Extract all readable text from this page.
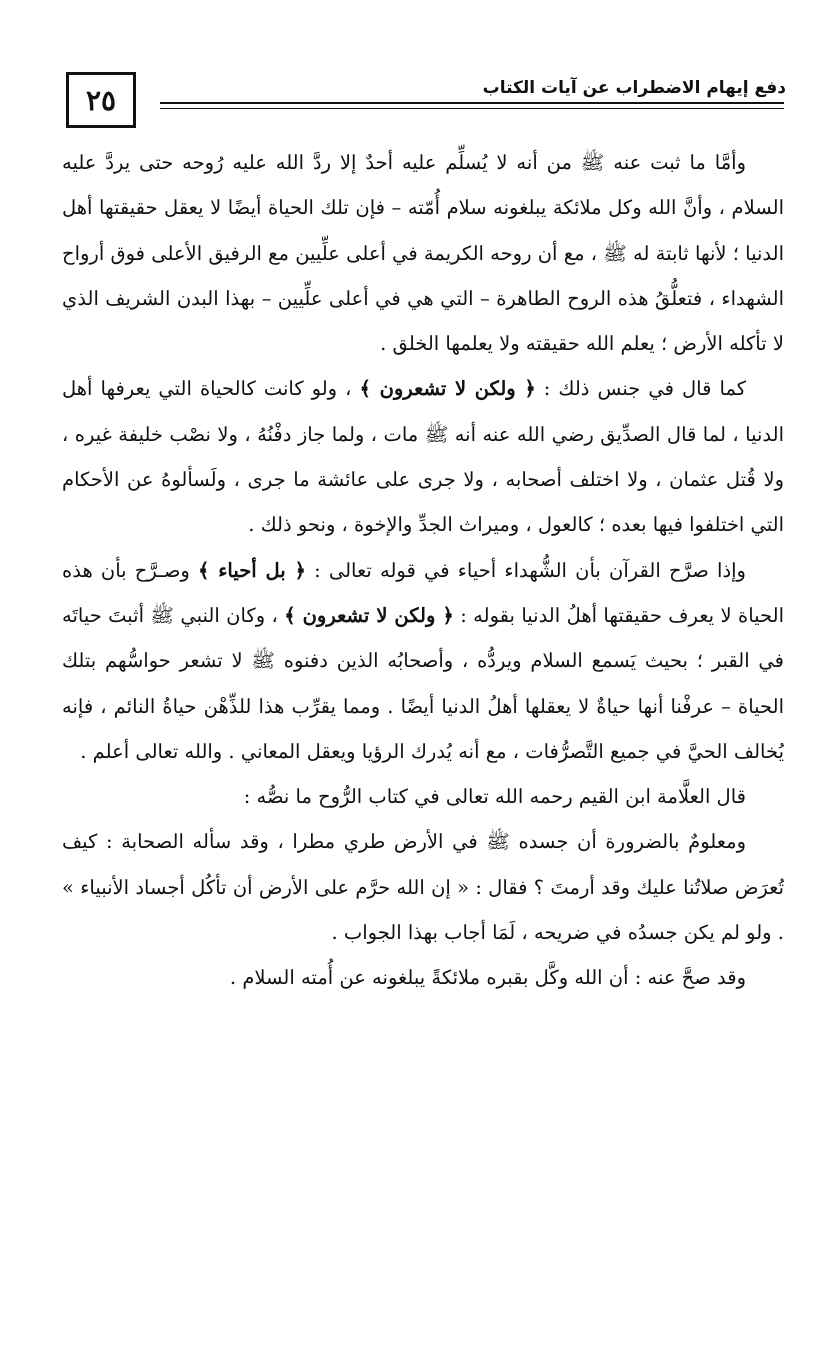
٢٥	دفع إيهام الاضطراب عن آيات الكتاب

وأمَّا ما ثبت عنه ﷺ من أنه لا يُسلِّم عليه أحدٌ إلا ردَّ الله عليه رُوحه حتى يردَّ عليه السلام ، وأنَّ الله وكل ملائكة يبلغونه سلام أُمّته – فإن تلك الحياة أيضًا لا يعقل حقيقتها أهل الدنيا ؛ لأنها ثابتة له ﷺ ، مع أن روحه الكريمة في أعلى علِّيين مع الرفيق الأعلى فوق أرواح الشهداء ، فتعلُّقُ هذه الروح الطاهرة – التي هي في أعلى علِّيين – بهذا البدن الشريف الذي لا تأكله الأرض ؛ يعلم الله حقيقته ولا يعلمها الخلق .

كما قال في جنس ذلك : ﴿ ولكن لا تشعرون ﴾ ، ولو كانت كالحياة التي يعرفها أهل الدنيا ، لما قال الصدِّيق رضي الله عنه أنه ﷺ مات ، ولما جاز دفْنُهُ ، ولا نصْب خليفة غيره ، ولا قُتل عثمان ، ولا اختلف أصحابه ، ولا جرى على عائشة ما جرى ، ولَسألوهُ عن الأحكام التي اختلفوا فيها بعده ؛ كالعول ، وميراث الجدِّ والإخوة ، ونحو ذلك .

وإذا صرَّح القرآن بأن الشُّهداء أحياء في قوله تعالى : ﴿ بل أحياء ﴾ وصـرَّح بأن هذه الحياة لا يعرف حقيقتها أهلُ الدنيا بقوله : ﴿ ولكن لا تشعرون ﴾ ، وكان النبي ﷺ أثبتَ حياتَه في القبر ؛ بحيث يَسمع السلام ويردُّه ، وأصحابُه الذين دفنوه ﷺ لا تشعر حواسُّهم بتلك الحياة – عرفْنا أنها حياةٌ لا يعقلها أهلُ الدنيا أيضًا . ومما يقرِّب هذا للذِّهْن حياةُ النائم ، فإنه يُخالف الحيَّ في جميع التَّصرُّفات ، مع أنه يُدرك الرؤيا ويعقل المعاني . والله تعالى أعلم .

قال العلَّامة ابن القيم رحمه الله تعالى في كتاب الرُّوح ما نصُّه :

ومعلومٌ بالضرورة أن جسده ﷺ في الأرض طري مطرا ، وقد سأله الصحابة : كيف تُعرَض صلاتُنا عليك وقد أرمتَ ؟ فقال : « إن الله حرَّم على الأرض أن تأكُل أجساد الأنبياء » . ولو لم يكن جسدُه في ضريحه ، لَمَا أجاب بهذا الجواب .

وقد صحَّ عنه : أن الله وكَّل بقبره ملائكةً يبلغونه عن أُمته السلام .
